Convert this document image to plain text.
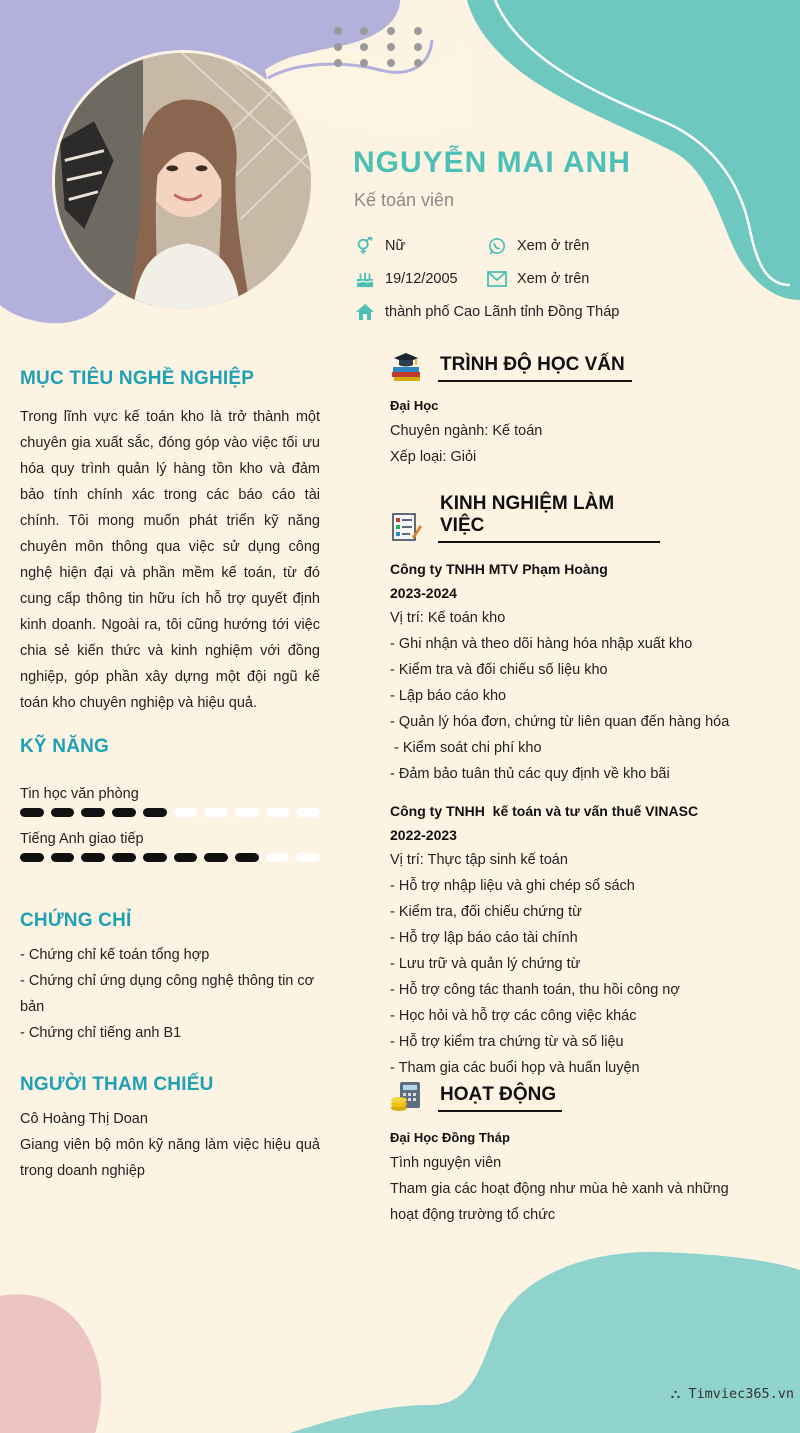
NGUYỄN MAI ANH
Kế toán viên
Nữ	Xem ở trên
19/12/2005	Xem ở trên
thành phố Cao Lãnh tỉnh Đồng Tháp
MỤC TIÊU NGHỀ NGHIỆP
Trong lĩnh vực kế toán kho là trở thành một chuyên gia xuất sắc, đóng góp vào việc tối ưu hóa quy trình quản lý hàng tồn kho và đảm bảo tính chính xác trong các báo cáo tài chính. Tôi mong muốn phát triển kỹ năng chuyên môn thông qua việc sử dụng công nghệ hiện đại và phần mềm kế toán, từ đó cung cấp thông tin hữu ích hỗ trợ quyết định kinh doanh. Ngoài ra, tôi cũng hướng tới việc chia sẻ kiến thức và kinh nghiệm với đồng nghiệp, góp phần xây dựng một đội ngũ kế toán kho chuyên nghiệp và hiệu quả.
KỸ NĂNG
Tin học văn phòng
Tiếng Anh giao tiếp
CHỨNG CHỈ
- Chứng chỉ kế toán tổng hợp
- Chứng chỉ ứng dụng công nghệ thông tin cơ bản
- Chứng chỉ tiếng anh B1
NGƯỜI THAM CHIẾU
Cô Hoàng Thị Doan
Giang viên bộ môn kỹ năng làm việc hiệu quả trong doanh nghiệp
TRÌNH ĐỘ HỌC VẤN
Đại Học
Chuyên ngành: Kế toán
Xếp loại: Giỏi
KINH NGHIỆM LÀM VIỆC
Công ty TNHH MTV Phạm Hoàng
2023-2024
Vị trí: Kế toán kho
- Ghi nhận và theo dõi hàng hóa nhập xuất kho
- Kiểm tra và đối chiếu số liệu kho
- Lập báo cáo kho
- Quản lý hóa đơn, chứng từ liên quan đến hàng hóa
- Kiểm soát chi phí kho
- Đảm bảo tuân thủ các quy định về kho bãi
Công ty TNHH  kế toán và tư vấn thuế VINASC
2022-2023
Vị trí: Thực tập sinh kế toán
- Hỗ trợ nhập liệu và ghi chép sổ sách
- Kiểm tra, đối chiếu chứng từ
- Hỗ trợ lập báo cáo tài chính
- Lưu trữ và quản lý chứng từ
- Hỗ trợ công tác thanh toán, thu hồi công nợ
- Học hỏi và hỗ trợ các công việc khác
- Hỗ trợ kiểm tra chứng từ và số liệu
- Tham gia các buổi họp và huấn luyện
HOẠT ĐỘNG
Đại Học Đồng Tháp
Tình nguyện viên
Tham gia các hoạt động như mùa hè xanh và những
hoạt động trường tổ chức
⛬ Timviec365.vn
